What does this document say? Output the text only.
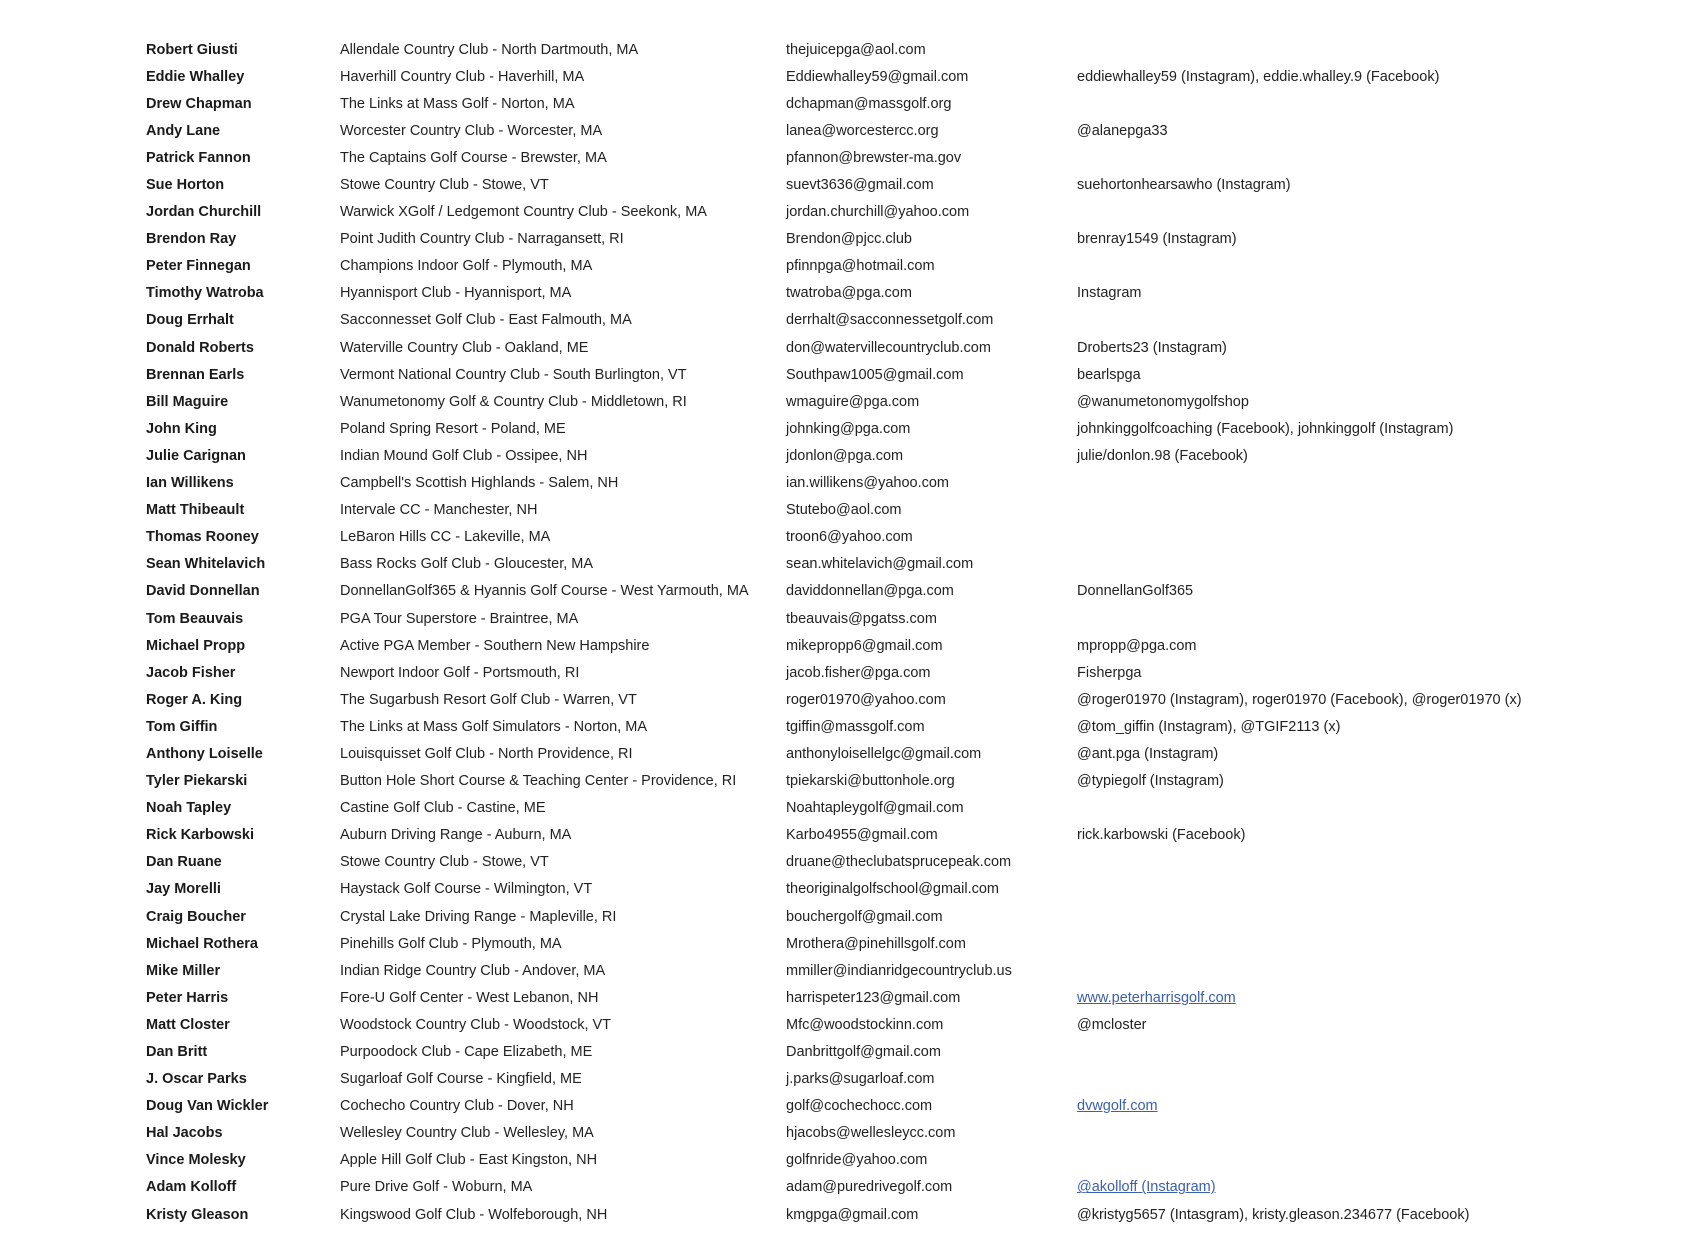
Robert Giusti	Allendale Country Club - North Dartmouth, MA	thejuicepga@aol.com
Eddie Whalley	Haverhill Country Club - Haverhill, MA	Eddiewhalley59@gmail.com	eddiewhalley59 (Instagram), eddie.whalley.9 (Facebook)
Drew Chapman	The Links at Mass Golf - Norton, MA	dchapman@massgolf.org
Andy Lane	Worcester Country Club - Worcester, MA	lanea@worcestercc.org	@alanepga33
Patrick Fannon	The Captains Golf Course - Brewster, MA	pfannon@brewster-ma.gov
Sue Horton	Stowe Country Club - Stowe, VT	suevt3636@gmail.com	suehortonhearsawho (Instagram)
Jordan Churchill	Warwick XGolf / Ledgemont Country Club - Seekonk, MA	jordan.churchill@yahoo.com
Brendon Ray	Point Judith Country Club - Narragansett, RI	Brendon@pjcc.club	brenray1549 (Instagram)
Peter Finnegan	Champions Indoor Golf - Plymouth, MA	pfinnpga@hotmail.com
Timothy Watroba	Hyannisport Club - Hyannisport, MA	twatroba@pga.com	Instagram
Doug Errhalt	Sacconnesset Golf Club - East Falmouth, MA	derrhalt@sacconnessetgolf.com
Donald Roberts	Waterville Country Club - Oakland, ME	don@watervillecountryclub.com	Droberts23 (Instagram)
Brennan Earls	Vermont National Country Club - South Burlington, VT	Southpaw1005@gmail.com	bearlspga
Bill Maguire	Wanumetonomy Golf & Country Club - Middletown, RI	wmaguire@pga.com	@wanumetonomygolfshop
John King	Poland Spring Resort - Poland, ME	johnking@pga.com	johnkinggolfcoaching (Facebook), johnkinggolf (Instagram)
Julie Carignan	Indian Mound Golf Club - Ossipee, NH	jdonlon@pga.com	julie/donlon.98 (Facebook)
Ian Willikens	Campbell's Scottish Highlands - Salem, NH	ian.willikens@yahoo.com
Matt Thibeault	Intervale CC - Manchester, NH	Stutebo@aol.com
Thomas Rooney	LeBaron Hills CC - Lakeville, MA	troon6@yahoo.com
Sean Whitelavich	Bass Rocks Golf Club - Gloucester, MA	sean.whitelavich@gmail.com
David Donnellan	DonnellanGolf365 & Hyannis Golf Course - West Yarmouth, MA	daviddonnellan@pga.com	DonnellanGolf365
Tom Beauvais	PGA Tour Superstore - Braintree, MA	tbeauvais@pgatss.com
Michael Propp	Active PGA Member - Southern New Hampshire	mikepropp6@gmail.com	mpropp@pga.com
Jacob Fisher	Newport Indoor Golf - Portsmouth, RI	jacob.fisher@pga.com	Fisherpga
Roger A. King	The Sugarbush Resort Golf Club - Warren, VT	roger01970@yahoo.com	@roger01970 (Instagram), roger01970 (Facebook), @roger01970 (x)
Tom Giffin	The Links at Mass Golf Simulators - Norton, MA	tgiffin@massgolf.com	@tom_giffin (Instagram), @TGIF2113 (x)
Anthony Loiselle	Louisquisset Golf Club - North Providence, RI	anthonyloisellelgc@gmail.com	@ant.pga (Instagram)
Tyler Piekarski	Button Hole Short Course & Teaching Center - Providence, RI	tpiekarski@buttonhole.org	@typiegolf (Instagram)
Noah Tapley	Castine Golf Club - Castine, ME	Noahtapleygolf@gmail.com
Rick Karbowski	Auburn Driving Range - Auburn, MA	Karbo4955@gmail.com	rick.karbowski (Facebook)
Dan Ruane	Stowe Country Club - Stowe, VT	druane@theclubatsprucepeak.com
Jay Morelli	Haystack Golf Course - Wilmington, VT	theoriginalgolfschool@gmail.com
Craig Boucher	Crystal Lake Driving Range - Mapleville, RI	bouchergolf@gmail.com
Michael Rothera	Pinehills Golf Club - Plymouth, MA	Mrothera@pinehillsgolf.com
Mike Miller	Indian Ridge Country Club - Andover, MA	mmiller@indianridgecountryclub.us
Peter Harris	Fore-U Golf Center - West Lebanon, NH	harrispeter123@gmail.com	www.peterharrisgolf.com
Matt Closter	Woodstock Country Club - Woodstock, VT	Mfc@woodstockinn.com	@mcloster
Dan Britt	Purpoodock Club - Cape Elizabeth, ME	Danbrittgolf@gmail.com
J. Oscar Parks	Sugarloaf Golf Course - Kingfield, ME	j.parks@sugarloaf.com
Doug Van Wickler	Cochecho Country Club - Dover, NH	golf@cochechocc.com	dvwgolf.com
Hal Jacobs	Wellesley Country Club - Wellesley, MA	hjacobs@wellesleycc.com
Vince Molesky	Apple Hill Golf Club - East Kingston, NH	golfnride@yahoo.com
Adam Kolloff	Pure Drive Golf - Woburn, MA	adam@puredrivegolf.com	@akolloff (Instagram)
Kristy Gleason	Kingswood Golf Club - Wolfeborough, NH	kmgpga@gmail.com	@kristyg5657 (Intasgram), kristy.gleason.234677 (Facebook)
